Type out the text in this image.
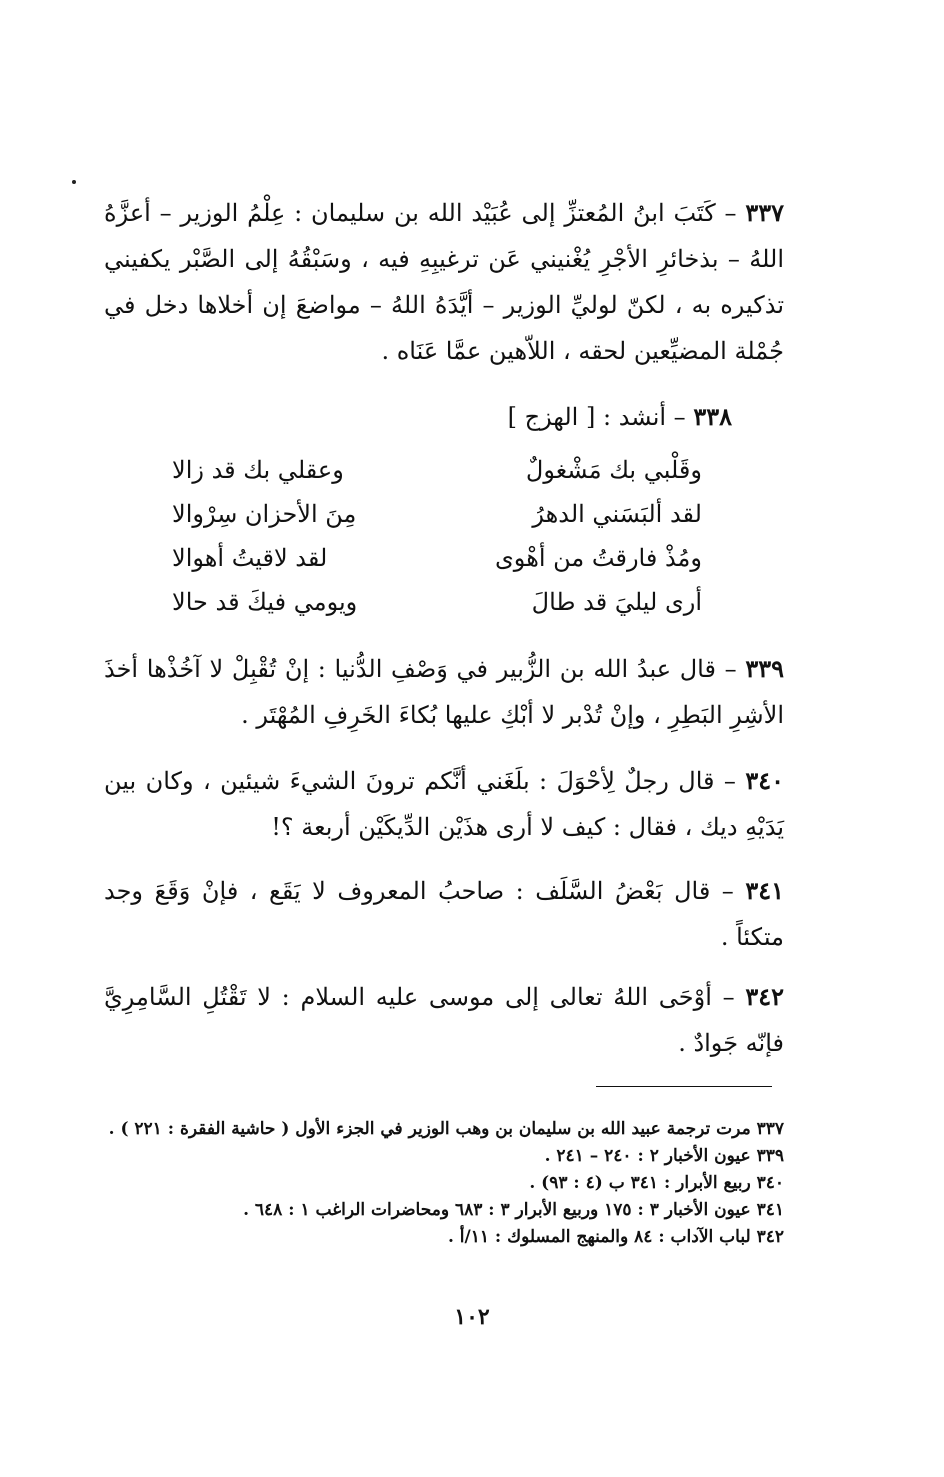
٣٣٧ – كَتَبَ ابنُ المُعتزِّ إلى عُبَيْد الله بن سليمان : عِلْمُ الوزير – أعزَّهُ اللهُ – بذخائرِ الأجْرِ يُغْنيني عَن ترغيبِهِ فيه ، وسَبْقُهُ إلى الصَّبْر يكفيني تذكيره به ، لكنّ لوليِّ الوزير – أيَّدَهُ اللهُ – مواضعَ إن أخلاها دخل في جُمْلة المضيِّعين لحقه ، اللاّهين عمَّا عَنَاه .
٣٣٨ – أنشد : [ الهزج ]
وقَلْبي بك مَشْغولٌ
وعقلي بك قد زالا
لقد ألبَسَني الدهرُ
مِنَ الأحزان سِرْوالا
ومُذْ فارقتُ من أهْوى
لقد لاقيتُ أهوالا
أرى ليليَ قد طالَ
ويومي فيكَ قد حالا
٣٣٩ – قال عبدُ الله بن الزُّبير في وَصْفِ الدُّنيا : إنْ تُقْبِلْ لا آخُذْها أخذَ الأشِرِ البَطِرِ ، وإنْ تُدْبر لا أبْكِ عليها بُكاءَ الخَرِفِ المُهْتَر .
٣٤٠ – قال رجلٌ لِأحْوَلَ : بلَغَني أنَّكم ترونَ الشيءَ شيئين ، وكان بين يَدَيْهِ ديك ، فقال : كيف لا أرى هذَيْن الدِّيكَيْن أربعة ؟!
٣٤١ – قال بَعْضُ السَّلَف : صاحبُ المعروف لا يَقَع ، فإنْ وَقَعَ وجد متكئاً .
٣٤٢ – أوْحَى اللهُ تعالى إلى موسى عليه السلام : لا تَقْتُلِ السَّامِرِيَّ فإنّه جَوادٌ .
٣٣٧ مرت ترجمة عبيد الله بن سليمان بن وهب الوزير في الجزء الأول ( حاشية الفقرة : ٢٢١ ) .
٣٣٩ عيون الأخبار ٢ : ٢٤٠ – ٢٤١ .
٣٤٠ ربيع الأبرار : ٣٤١ ب (٤ : ٩٣) .
٣٤١ عيون الأخبار ٣ : ١٧٥ وربيع الأبرار ٣ : ٦٨٣ ومحاضرات الراغب ١ : ٦٤٨ .
٣٤٢ لباب الآداب : ٨٤ والمنهج المسلوك : ١١/أ .
١٠٢
